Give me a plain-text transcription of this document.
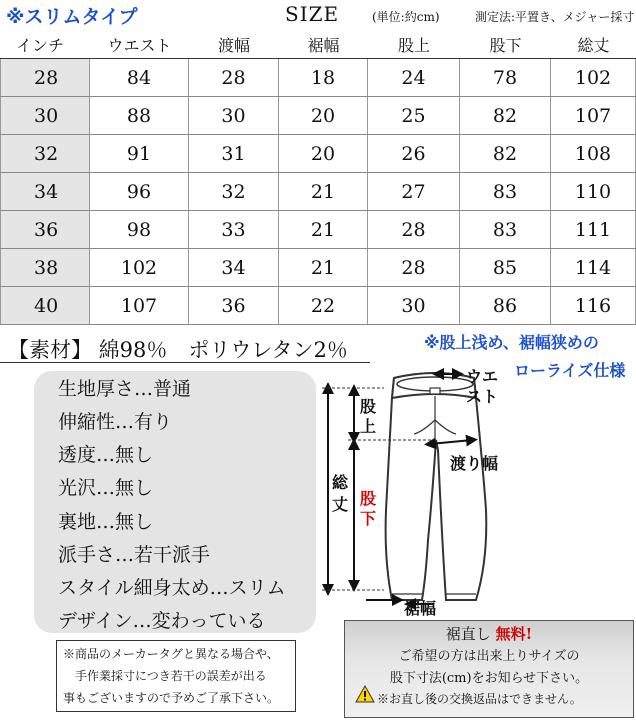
※スリムタイプ	SIZE	(単位:約cm)	測定法:平置き、メジャー採寸
インチ	ウエスト	渡幅	裾幅	股上	股下	総丈
28	84	28	18	24	78	102
30	88	30	20	25	82	107
32	91	31	20	26	82	108
34	96	32	21	27	83	110
36	98	33	21	28	83	111
38	102	34	21	28	85	114
40	107	36	22	30	86	116
【素材】 綿98％　ポリウレタン2％	※股上浅め、裾幅狭めの
ローライズ仕様
生地厚さ…普通
伸縮性…有り
透度…無し
光沢…無し
裏地…無し
派手さ…若干派手
スタイル細身太め…スリム
デザイン…変わっている
ウエ
スト
股
上
総
丈 股
下
渡り幅
裾幅
※商品のメーカータグと異なる場合や、
手作業採寸につき若干の誤差が出る
事もございますので予めご了承下さい。
裾直し 無料!
ご希望の方は出来上りサイズの
股下寸法(cm)をお知らせ下さい。
※お直し後の交換返品はできません。
